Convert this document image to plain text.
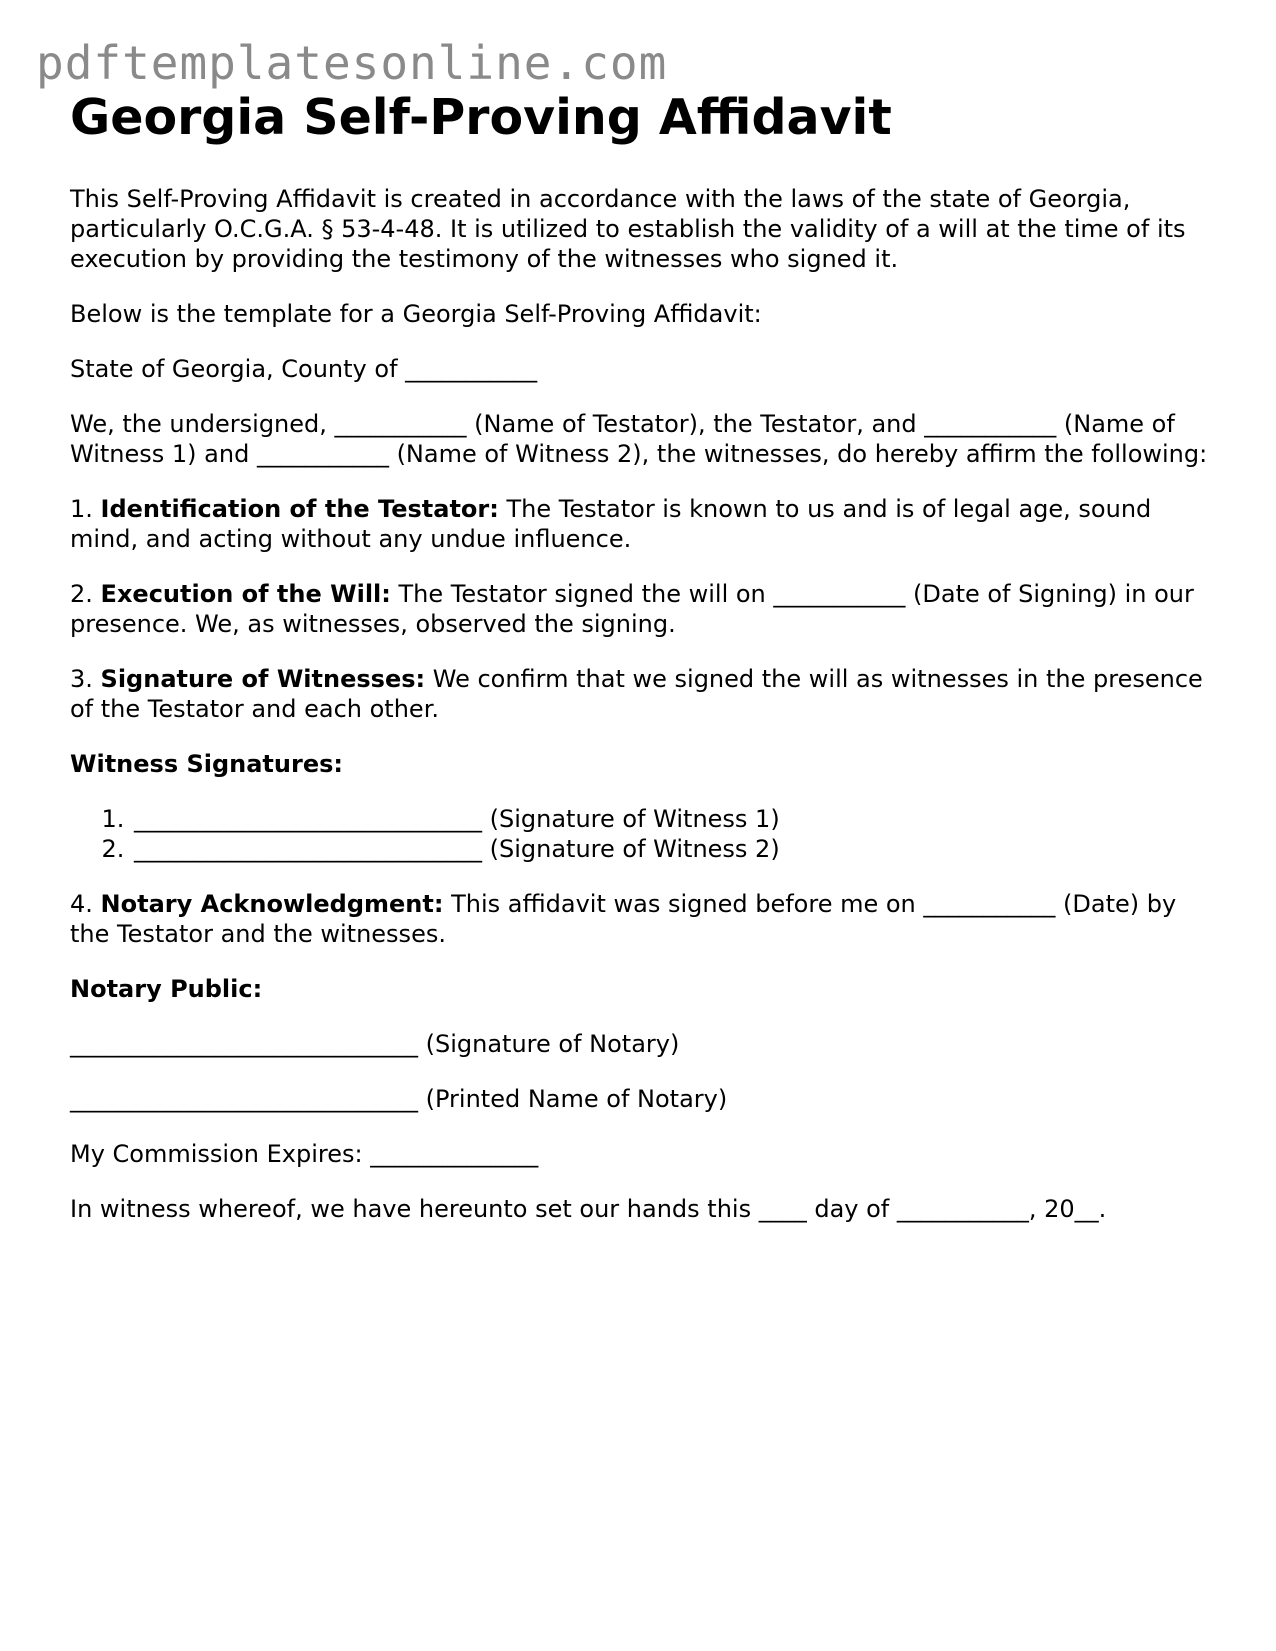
pdftemplatesonline.com
Georgia Self-Proving Affidavit

This Self-Proving Affidavit is created in accordance with the laws of the state of Georgia, particularly O.C.G.A. § 53-4-48. It is utilized to establish the validity of a will at the time of its execution by providing the testimony of the witnesses who signed it.

Below is the template for a Georgia Self-Proving Affidavit:

State of Georgia, County of ___________

We, the undersigned, ___________ (Name of Testator), the Testator, and ___________ (Name of Witness 1) and ___________ (Name of Witness 2), the witnesses, do hereby affirm the following:

1. Identification of the Testator: The Testator is known to us and is of legal age, sound mind, and acting without any undue influence.

2. Execution of the Will: The Testator signed the will on ___________ (Date of Signing) in our presence. We, as witnesses, observed the signing.

3. Signature of Witnesses: We confirm that we signed the will as witnesses in the presence of the Testator and each other.

Witness Signatures:

1. _____________________________ (Signature of Witness 1)
2. _____________________________ (Signature of Witness 2)

4. Notary Acknowledgment: This affidavit was signed before me on ___________ (Date) by the Testator and the witnesses.

Notary Public:

_____________________________ (Signature of Notary)

_____________________________ (Printed Name of Notary)

My Commission Expires: ______________

In witness whereof, we have hereunto set our hands this ____ day of ___________, 20__.
